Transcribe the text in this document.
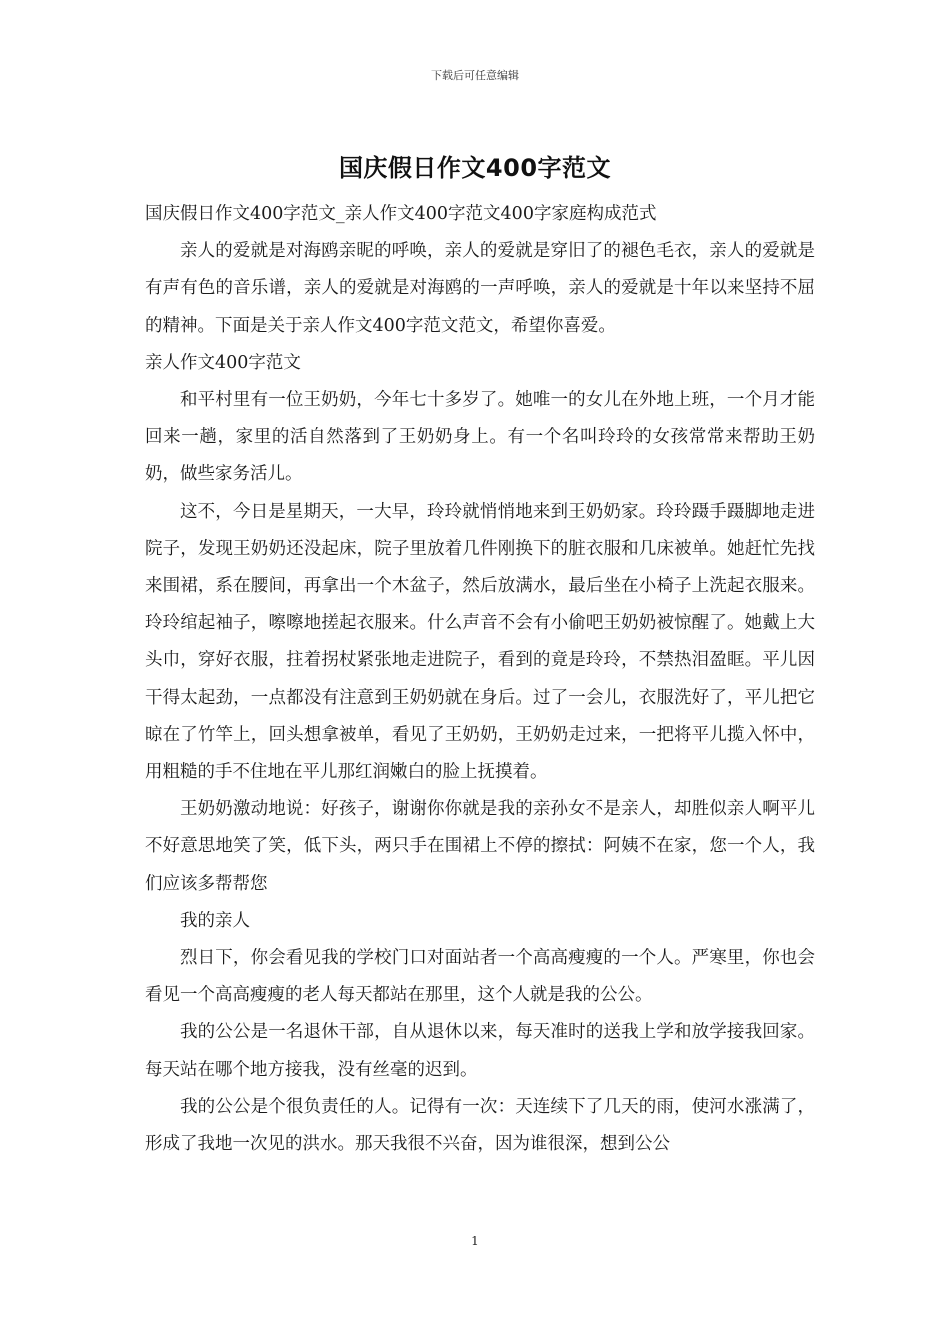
下载后可任意编辑
国庆假日作文400字范文

国庆假日作文400字范文_亲人作文400字范文400字家庭构成范式

亲人的爱就是对海鸥亲昵的呼唤，亲人的爱就是穿旧了的褪色毛衣，亲人的爱就是有声有色的音乐谱，亲人的爱就是对海鸥的一声呼唤，亲人的爱就是十年以来坚持不屈的精神。下面是关于亲人作文400字范文范文，希望你喜爱。

亲人作文400字范文

和平村里有一位王奶奶，今年七十多岁了。她唯一的女儿在外地上班，一个月才能回来一趟，家里的活自然落到了王奶奶身上。有一个名叫玲玲的女孩常常来帮助王奶奶，做些家务活儿。

这不，今日是星期天，一大早，玲玲就悄悄地来到王奶奶家。玲玲蹑手蹑脚地走进院子，发现王奶奶还没起床，院子里放着几件刚换下的脏衣服和几床被单。她赶忙先找来围裙，系在腰间，再拿出一个木盆子，然后放满水，最后坐在小椅子上洗起衣服来。玲玲绾起袖子，嚓嚓地搓起衣服来。什么声音不会有小偷吧王奶奶被惊醒了。她戴上大头巾，穿好衣服，拄着拐杖紧张地走进院子，看到的竟是玲玲，不禁热泪盈眶。平儿因干得太起劲，一点都没有注意到王奶奶就在身后。过了一会儿，衣服洗好了，平儿把它晾在了竹竿上，回头想拿被单，看见了王奶奶，王奶奶走过来，一把将平儿揽入怀中，用粗糙的手不住地在平儿那红润嫩白的脸上抚摸着。

王奶奶激动地说：好孩子，谢谢你你就是我的亲孙女不是亲人，却胜似亲人啊平儿不好意思地笑了笑，低下头，两只手在围裙上不停的擦拭：阿姨不在家，您一个人，我们应该多帮帮您

我的亲人

烈日下，你会看见我的学校门口对面站者一个高高瘦瘦的一个人。严寒里，你也会看见一个高高瘦瘦的老人每天都站在那里，这个人就是我的公公。

我的公公是一名退休干部，自从退休以来，每天准时的送我上学和放学接我回家。每天站在哪个地方接我，没有丝毫的迟到。

我的公公是个很负责任的人。记得有一次：天连续下了几天的雨，使河水涨满了，形成了我地一次见的洪水。那天我很不兴奋，因为谁很深，想到公公

1
